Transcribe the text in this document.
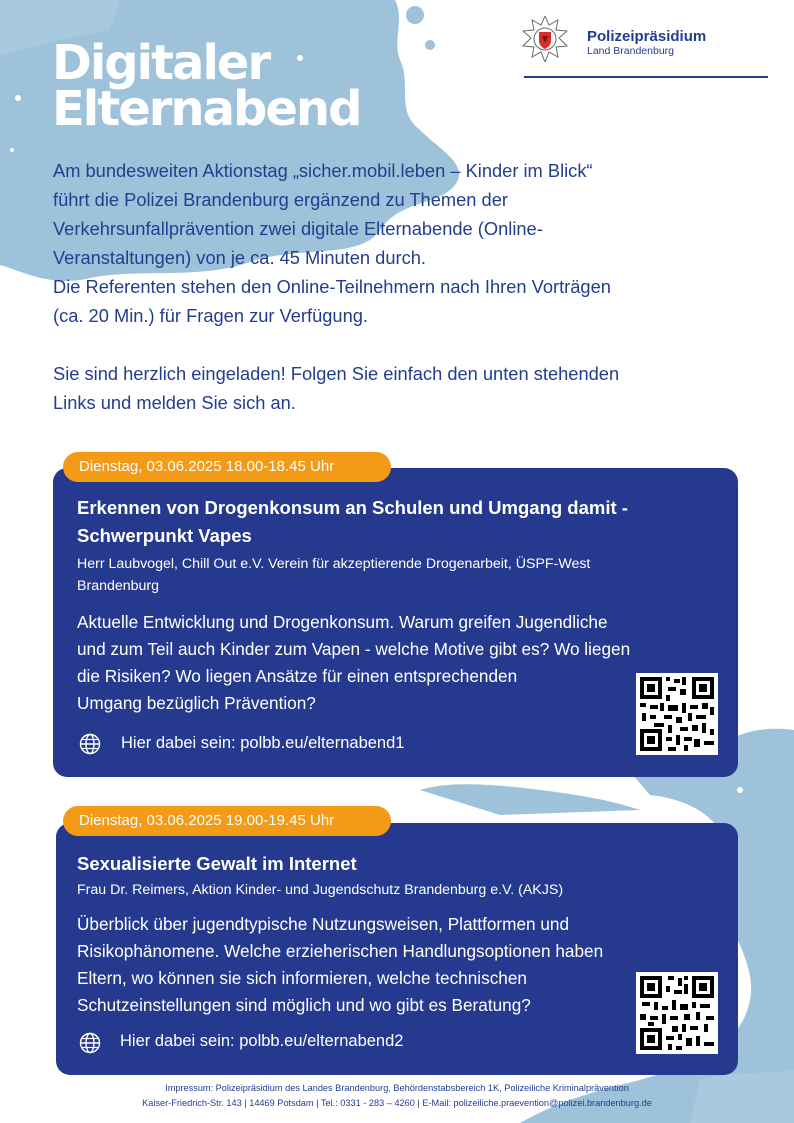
Digitaler
Elternabend
Polizeipräsidium
Land Brandenburg

Am bundesweiten Aktionstag „sicher.mobil.leben – Kinder im Blick“

führt die Polizei Brandenburg ergänzend zu Themen der

Verkehrsunfallprävention zwei digitale Elternabende (Online-

Veranstaltungen) von je ca. 45 Minuten durch.

Die Referenten stehen den Online-Teilnehmern nach Ihren Vorträgen

(ca. 20 Min.) für Fragen zur Verfügung.

Sie sind herzlich eingeladen! Folgen Sie einfach den unten stehenden

Links und melden Sie sich an.

Dienstag, 03.06.2025 18.00-18.45 Uhr
Erkennen von Drogenkonsum an Schulen und Umgang damit -
Schwerpunkt Vapes
Herr Laubvogel, Chill Out e.V. Verein für akzeptierende Drogenarbeit, ÜSPF-West
Brandenburg
Aktuelle Entwicklung und Drogenkonsum. Warum greifen Jugendliche
und zum Teil auch Kinder zum Vapen - welche Motive gibt es? Wo liegen
die Risiken? Wo liegen Ansätze für einen entsprechenden
Umgang bezüglich Prävention?
Hier dabei sein: polbb.eu/elternabend1
Dienstag, 03.06.2025 19.00-19.45 Uhr
Sexualisierte Gewalt im Internet
Frau Dr. Reimers, Aktion Kinder- und Jugendschutz Brandenburg e.V. (AKJS)
Überblick über jugendtypische Nutzungsweisen, Plattformen und
Risikophänomene. Welche erzieherischen Handlungsoptionen haben
Eltern, wo können sie sich informieren, welche technischen
Schutzeinstellungen sind möglich und wo gibt es Beratung?
Hier dabei sein: polbb.eu/elternabend2
Impressum: Polizeipräsidium des Landes Brandenburg, Behördenstabsbereich 1K, Polizeiliche Kriminalprävention
Kaiser-Friedrich-Str. 143 | 14469 Potsdam | Tel.: 0331 - 283 – 4260 | E-Mail: polizeiliche.praevention@polizei.brandenburg.de
